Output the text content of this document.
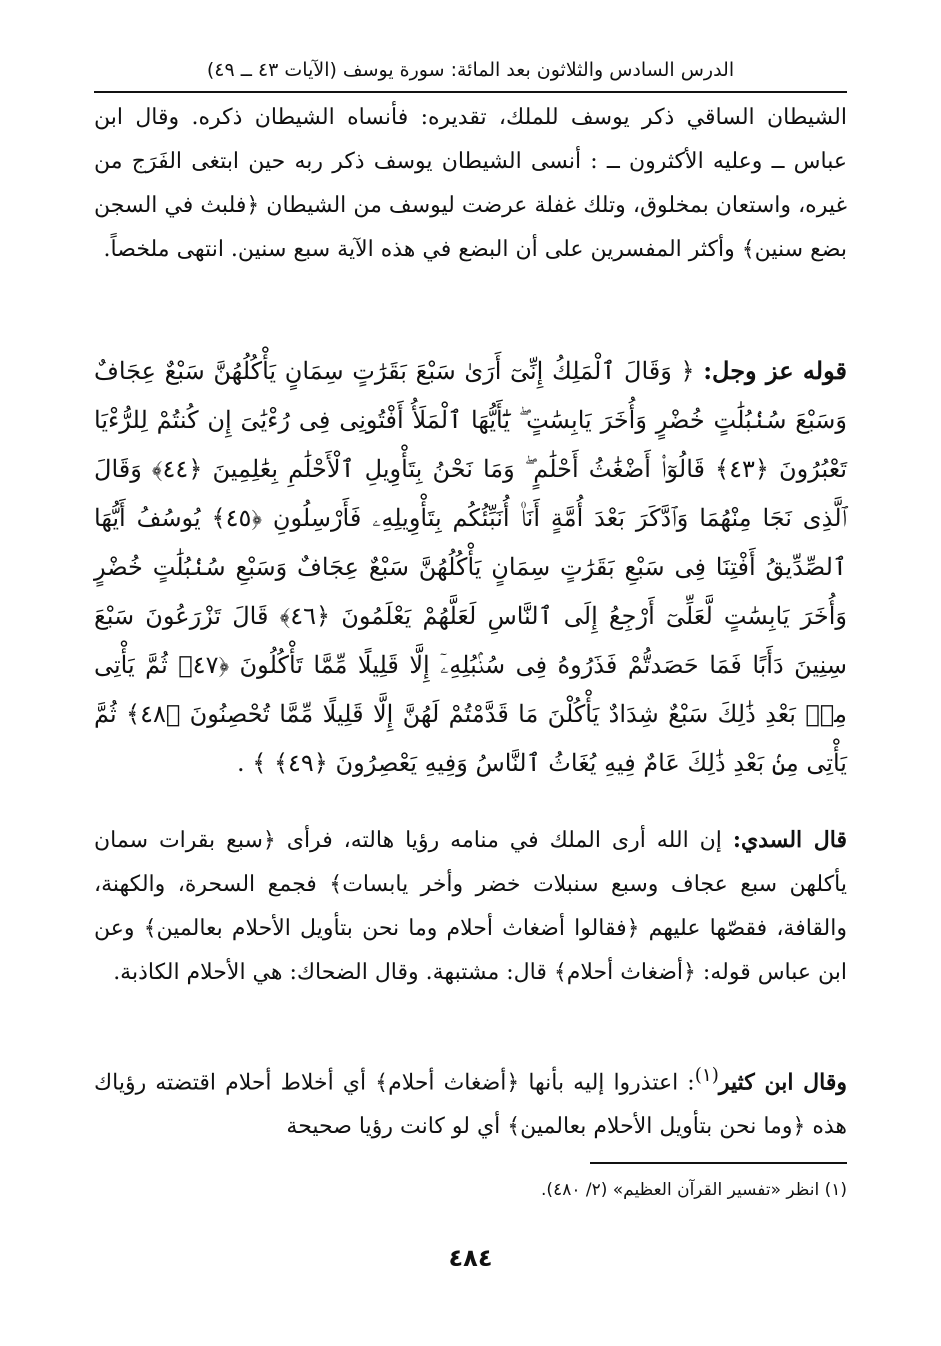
الدرس السادس والثلاثون بعد المائة: سورة يوسف (الآيات ٤٣ ــ ٤٩)

الشيطان الساقي ذكر يوسف للملك، تقديره: فأنساه الشيطان ذكره. وقال ابن عباس ــ وعليه الأكثرون ــ : أنسى الشيطان يوسف ذكر ربه حين ابتغى الفَرَج من غيره، واستعان بمخلوق، وتلك غفلة عرضت ليوسف من الشيطان ﴿فلبث في السجن بضع سنين﴾ وأكثر المفسرين على أن البضع في هذه الآية سبع سنين. انتهى ملخصاً.

قوله عز وجل: ﴿ وَقَالَ ٱلْمَلِكُ إِنِّىٓ أَرَىٰ سَبْعَ بَقَرَٰتٍ سِمَانٍ يَأْكُلُهُنَّ سَبْعٌ عِجَافٌ وَسَبْعَ سُنۢبُلَٰتٍ خُضْرٍ وَأُخَرَ يَابِسَٰتٍ ۖ يَٰٓأَيُّهَا ٱلْمَلَأُ أَفْتُونِى فِى رُءْيَٰىَ إِن كُنتُمْ لِلرُّءْيَا تَعْبُرُونَ ﴿٤٣﴾ قَالُوٓا۟ أَضْغَٰثُ أَحْلَٰمٍ ۖ وَمَا نَحْنُ بِتَأْوِيلِ ٱلْأَحْلَٰمِ بِعَٰلِمِينَ ﴿٤٤﴾ وَقَالَ ٱلَّذِى نَجَا مِنْهُمَا وَٱدَّكَرَ بَعْدَ أُمَّةٍ أَنَا۠ أُنَبِّئُكُم بِتَأْوِيلِهِۦ فَأَرْسِلُونِ ﴿٤٥﴾ يُوسُفُ أَيُّهَا ٱلصِّدِّيقُ أَفْتِنَا فِى سَبْعِ بَقَرَٰتٍ سِمَانٍ يَأْكُلُهُنَّ سَبْعٌ عِجَافٌ وَسَبْعِ سُنۢبُلَٰتٍ خُضْرٍ وَأُخَرَ يَابِسَٰتٍ لَّعَلِّىٓ أَرْجِعُ إِلَى ٱلنَّاسِ لَعَلَّهُمْ يَعْلَمُونَ ﴿٤٦﴾ قَالَ تَزْرَعُونَ سَبْعَ سِنِينَ دَأَبًا فَمَا حَصَدتُّمْ فَذَرُوهُ فِى سُنۢبُلِهِۦٓ إِلَّا قَلِيلًا مِّمَّا تَأْكُلُونَ ﴿٤٧﴾ ثُمَّ يَأْتِى مِنۢ بَعْدِ ذَٰلِكَ سَبْعٌ شِدَادٌ يَأْكُلْنَ مَا قَدَّمْتُمْ لَهُنَّ إِلَّا قَلِيلًا مِّمَّا تُحْصِنُونَ ﴿٤٨﴾ ثُمَّ يَأْتِى مِنۢ بَعْدِ ذَٰلِكَ عَامٌ فِيهِ يُغَاثُ ٱلنَّاسُ وَفِيهِ يَعْصِرُونَ ﴿٤٩﴾ ﴾ .

قال السدي: إن الله أرى الملك في منامه رؤيا هالته، فرأى ﴿سبع بقرات سمان يأكلهن سبع عجاف وسبع سنبلات خضر وأخر يابسات﴾ فجمع السحرة، والكهنة، والقافة، فقصّها عليهم ﴿فقالوا أضغاث أحلام وما نحن بتأويل الأحلام بعالمين﴾ وعن ابن عباس قوله: ﴿أضغاث أحلام﴾ قال: مشتبهة. وقال الضحاك: هي الأحلام الكاذبة.

وقال ابن كثير$^{(١)}$: اعتذروا إليه بأنها ﴿أضغاث أحلام﴾ أي أخلاط أحلام اقتضته رؤياك هذه ﴿وما نحن بتأويل الأحلام بعالمين﴾ أي لو كانت رؤيا صحيحة

(١) انظر «تفسير القرآن العظيم» (٢/ ٤٨٠).
٤٨٤
